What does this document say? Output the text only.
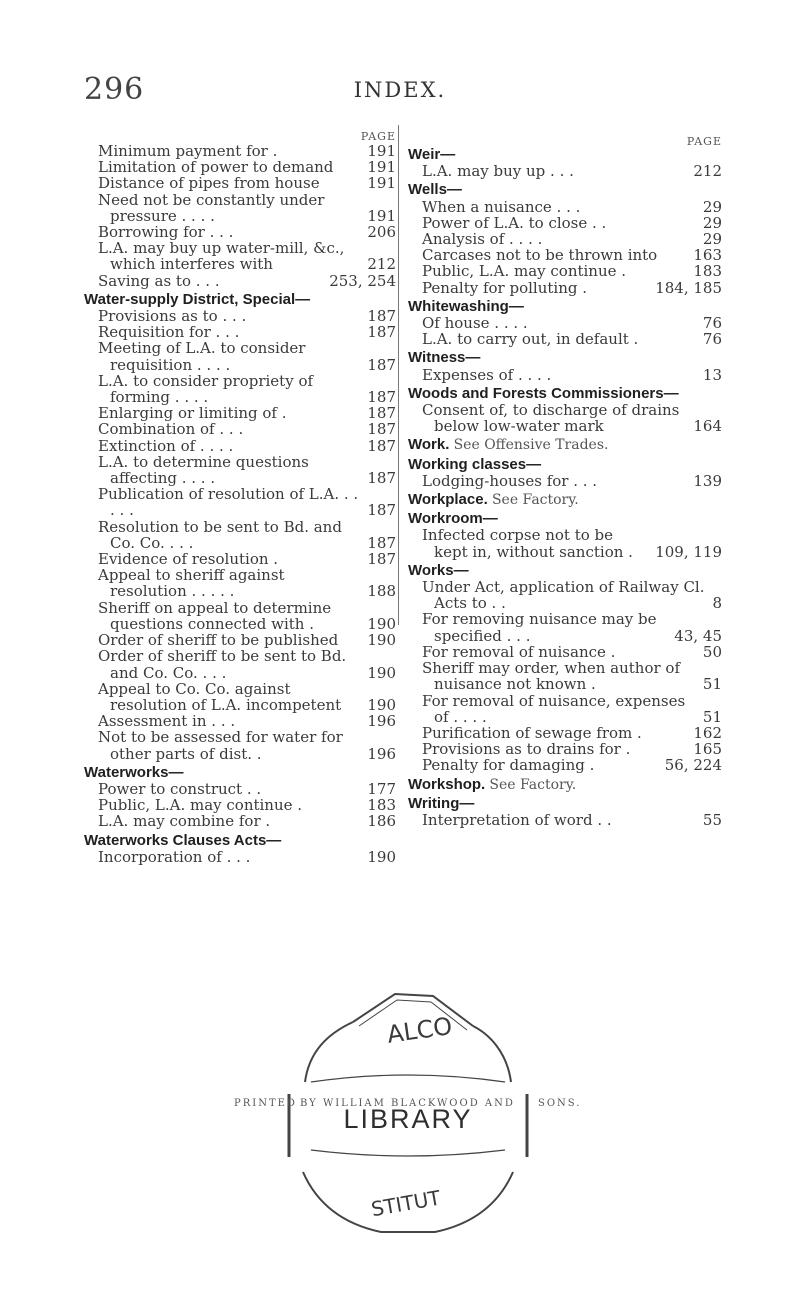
296	INDEX.
PAGE
Minimum payment for .	191
Limitation of power to demand	191
Distance of pipes from house	191
Need not be constantly under pressure . . . .	191
Borrowing for . . .	206
L.A. may buy up water-mill, &c., which interferes with	212
Saving as to . . .	253, 254
Water-supply District, Special—
Provisions as to . . .	187
Requisition for . . .	187
Meeting of L.A. to consider requisition . . . .	187
L.A. to consider propriety of forming . . . .	187
Enlarging or limiting of .	187
Combination of . . .	187
Extinction of . . . .	187
L.A. to determine questions affecting . . . .	187
Publication of resolution of L.A. . . . . .	187
Resolution to be sent to Bd. and Co. Co. . . .	187
Evidence of resolution .	187
Appeal to sheriff against resolution . . . . .	188
Sheriff on appeal to determine questions connected with .	190
Order of sheriff to be published	190
Order of sheriff to be sent to Bd. and Co. Co. . . .	190
Appeal to Co. Co. against resolution of L.A. incompetent	190
Assessment in . . .	196
Not to be assessed for water for other parts of dist. .	196
Waterworks—
Power to construct . .	177
Public, L.A. may continue .	183
L.A. may combine for .	186
Waterworks Clauses Acts—
Incorporation of . . .	190
PAGE
Weir—
L.A. may buy up . . .	212
Wells—
When a nuisance . . .	29
Power of L.A. to close . .	29
Analysis of . . . .	29
Carcases not to be thrown into	163
Public, L.A. may continue .	183
Penalty for polluting .	184, 185
Whitewashing—
Of house . . . .	76
L.A. to carry out, in default .	76
Witness—
Expenses of . . . .	13
Woods and Forests Commissioners—
Consent of, to discharge of drains below low-water mark	164
Work. See Offensive Trades.
Working classes—
Lodging-houses for . . .	139
Workplace. See Factory.
Workroom—
Infected corpse not to be kept in, without sanction .	109, 119
Works—
Under Act, application of Railway Cl. Acts to . .	8
For removing nuisance may be specified . . .	43, 45
For removal of nuisance .	50
Sheriff may order, when author of nuisance not known .	51
For removal of nuisance, expenses of . . . .	51
Purification of sewage from .	162
Provisions as to drains for .	165
Penalty for damaging .	56, 224
Workshop. See Factory.
Writing—
Interpretation of word . .	55
ALCO
LIBRARY
STITUT
PRINTED BY WILLIAM BLACKWOOD AND SONS.
